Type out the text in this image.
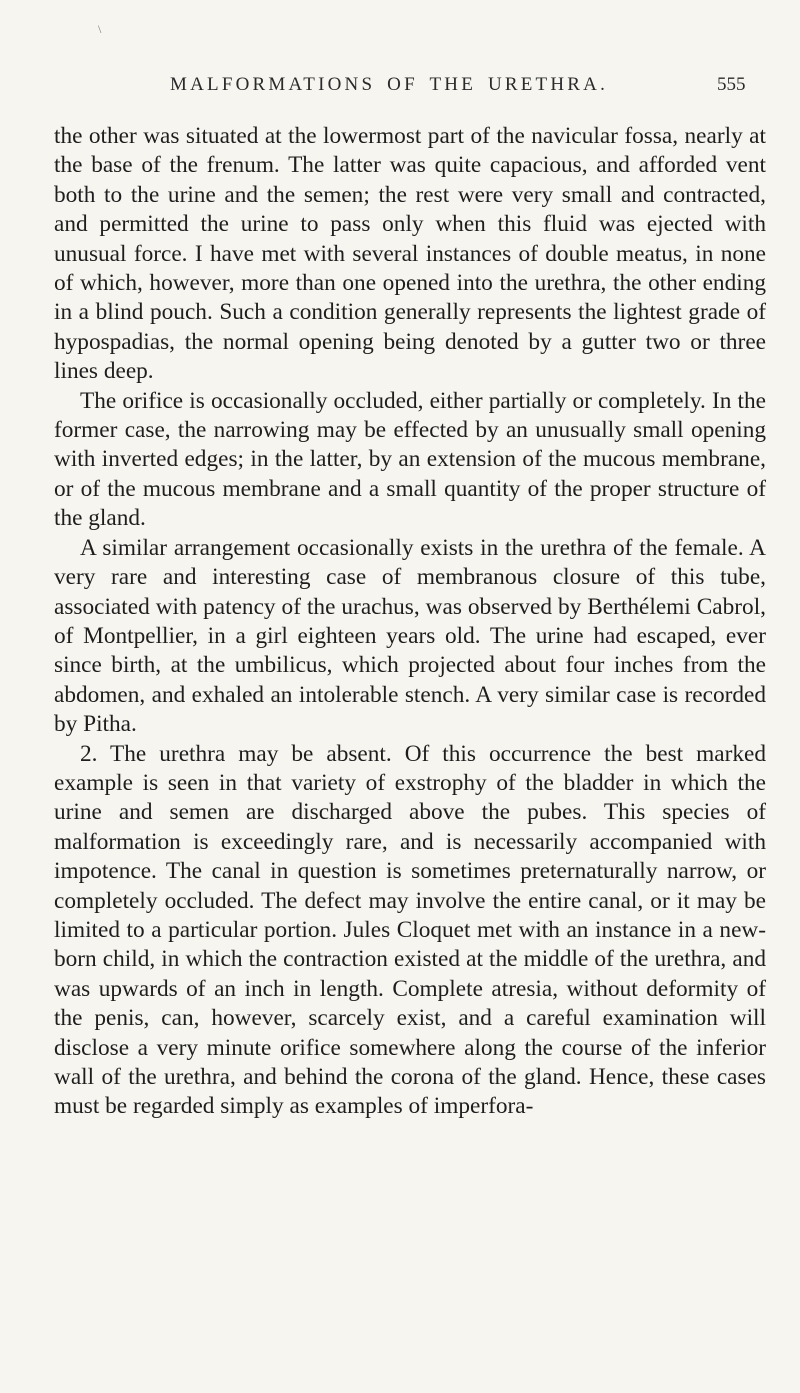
\
MALFORMATIONS OF THE URETHRA.	555

the other was situated at the lowermost part of the navicular fossa, nearly at the base of the frenum. The latter was quite capacious, and afforded vent both to the urine and the semen; the rest were very small and contracted, and permitted the urine to pass only when this fluid was ejected with unusual force. I have met with several instances of double meatus, in none of which, however, more than one opened into the urethra, the other ending in a blind pouch. Such a condition generally represents the lightest grade of hypospadias, the normal opening being denoted by a gutter two or three lines deep.

The orifice is occasionally occluded, either partially or completely. In the former case, the narrowing may be effected by an unusually small opening with inverted edges; in the latter, by an extension of the mucous membrane, or of the mucous membrane and a small quantity of the proper structure of the gland.

A similar arrangement occasionally exists in the urethra of the female. A very rare and interesting case of membranous closure of this tube, associated with patency of the urachus, was observed by Berthélemi Cabrol, of Montpellier, in a girl eighteen years old. The urine had escaped, ever since birth, at the umbilicus, which projected about four inches from the abdomen, and exhaled an intolerable stench. A very similar case is recorded by Pitha.

2. The urethra may be absent. Of this occurrence the best marked example is seen in that variety of exstrophy of the bladder in which the urine and semen are discharged above the pubes. This species of malformation is exceedingly rare, and is necessarily accompanied with impotence. The canal in question is sometimes preternaturally narrow, or completely occluded. The defect may involve the entire canal, or it may be limited to a particular portion. Jules Cloquet met with an instance in a new-born child, in which the contraction existed at the middle of the urethra, and was upwards of an inch in length. Complete atresia, without deformity of the penis, can, however, scarcely exist, and a careful examination will disclose a very minute orifice somewhere along the course of the inferior wall of the urethra, and behind the corona of the gland. Hence, these cases must be regarded simply as examples of imperfora-
